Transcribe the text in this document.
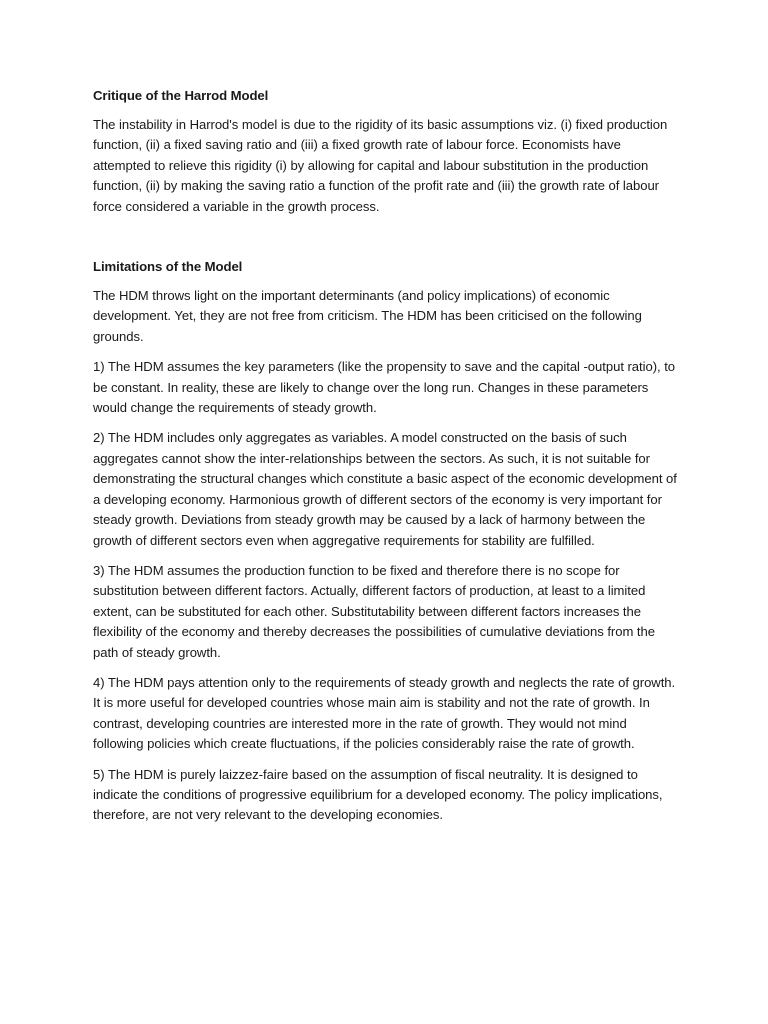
Critique of the Harrod Model

The instability in Harrod's model is due to the rigidity of its basic assumptions viz. (i) fixed production function, (ii) a fixed saving ratio and (iii) a fixed growth rate of labour force. Economists have attempted to relieve this rigidity (i) by allowing for capital and labour substitution in the production function, (ii) by making the saving ratio a function of the profit rate and (iii) the growth rate of labour force considered a variable in the growth process.

Limitations of the Model

The HDM throws light on the important determinants (and policy implications) of economic development. Yet, they are not free from criticism. The HDM has been criticised on the following grounds.

1) The HDM assumes the key parameters (like the propensity to save and the capital -output ratio), to be constant. In reality, these are likely to change over the long run. Changes in these parameters would change the requirements of steady growth.

2) The HDM includes only aggregates as variables. A model constructed on the basis of such aggregates cannot show the inter-relationships between the sectors. As such, it is not suitable for demonstrating the structural changes which constitute a basic aspect of the economic development of a developing economy. Harmonious growth of different sectors of the economy is very important for steady growth. Deviations from steady growth may be caused by a lack of harmony between the growth of different sectors even when aggregative requirements for stability are fulfilled.

3) The HDM assumes the production function to be fixed and therefore there is no scope for substitution between different factors. Actually, different factors of production, at least to a limited extent, can be substituted for each other. Substitutability between different factors increases the flexibility of the economy and thereby decreases the possibilities of cumulative deviations from the path of steady growth.

4) The HDM pays attention only to the requirements of steady growth and neglects the rate of growth. It is more useful for developed countries whose main aim is stability and not the rate of growth. In contrast, developing countries are interested more in the rate of growth. They would not mind following policies which create fluctuations, if the policies considerably raise the rate of growth.

5) The HDM is purely laizzez-faire based on the assumption of fiscal neutrality. It is designed to indicate the conditions of progressive equilibrium for a developed economy. The policy implications, therefore, are not very relevant to the developing economies.
